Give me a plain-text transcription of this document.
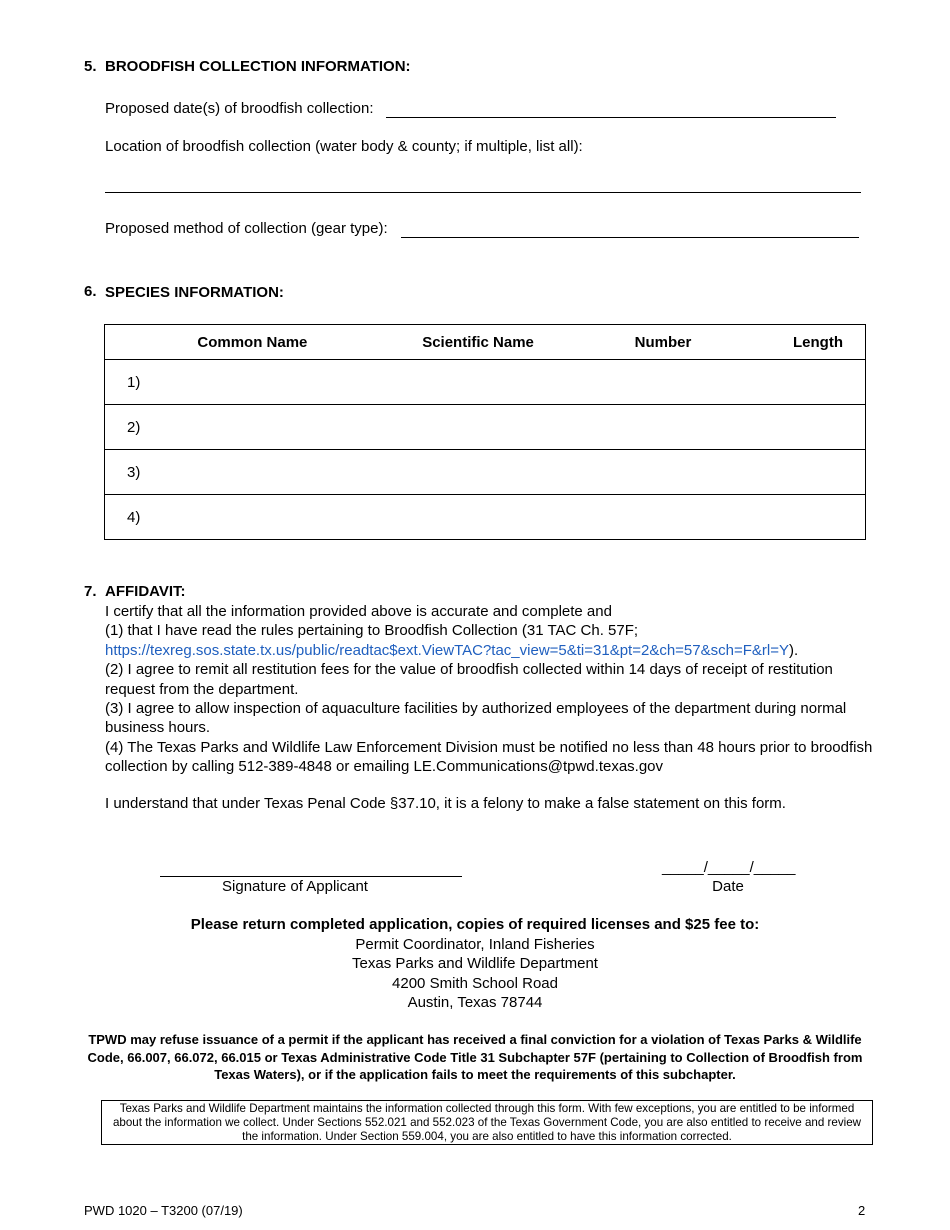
5. BROODFISH COLLECTION INFORMATION:
Proposed date(s) of broodfish collection:
Location of broodfish collection (water body & county; if multiple, list all):
Proposed method of collection (gear type):
6. SPECIES INFORMATION:
	Common Name	Scientific Name	Number	Length
1)				
2)				
3)				
4)				
7. AFFIDAVIT:

I certify that all the information provided above is accurate and complete and

(1) that I have read the rules pertaining to Broodfish Collection (31 TAC Ch. 57F;

https://texreg.sos.state.tx.us/public/readtac$ext.ViewTAC?tac_view=5&ti=31&pt=2&ch=57&sch=F&rl=Y).

(2) I agree to remit all restitution fees for the value of broodfish collected within 14 days of receipt of restitution request from the department.

(3) I agree to allow inspection of aquaculture facilities by authorized employees of the department during normal business hours.

(4) The Texas Parks and Wildlife Law Enforcement Division must be notified no less than 48 hours prior to broodfish collection by calling 512-389-4848 or emailing LE.Communications@tpwd.texas.gov

I understand that under Texas Penal Code §37.10, it is a felony to make a false statement on this form.
Signature of Applicant
_____/_____/_____
Date
Please return completed application, copies of required licenses and $25 fee to:
Permit Coordinator, Inland Fisheries
Texas Parks and Wildlife Department
4200 Smith School Road
Austin, Texas 78744
TPWD may refuse issuance of a permit if the applicant has received a final conviction for a violation of Texas Parks & Wildlife Code, 66.007, 66.072, 66.015 or Texas Administrative Code Title 31 Subchapter 57F (pertaining to Collection of Broodfish from Texas Waters), or if the application fails to meet the requirements of this subchapter.
Texas Parks and Wildlife Department maintains the information collected through this form. With few exceptions, you are entitled to be informed about the information we collect. Under Sections 552.021 and 552.023 of the Texas Government Code, you are also entitled to receive and review the information. Under Section 559.004, you are also entitled to have this information corrected.
PWD 1020 – T3200 (07/19)	2
